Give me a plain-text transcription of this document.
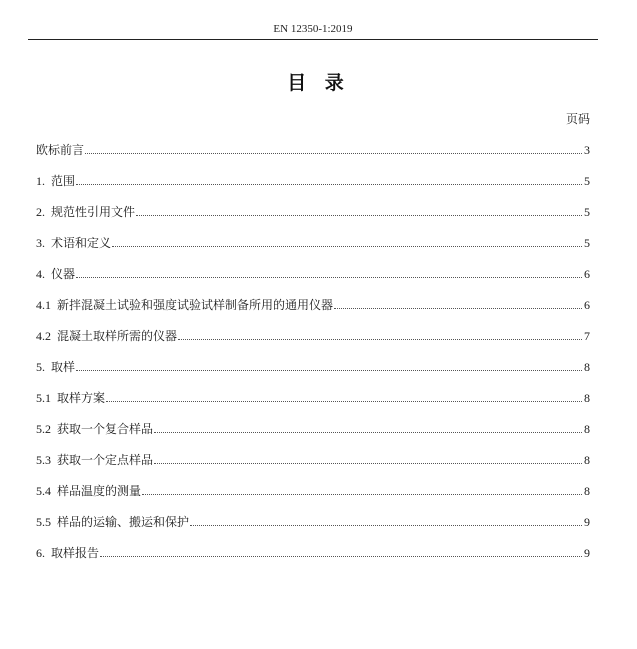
EN 12350-1:2019
目 录
页码
欧标前言	3
1. 范围	5
2. 规范性引用文件	5
3. 术语和定义	5
4. 仪器	6
4.1 新拌混凝土试验和强度试验试样制备所用的通用仪器	6
4.2 混凝土取样所需的仪器	7
5. 取样	8
5.1 取样方案	8
5.2 获取一个复合样品	8
5.3 获取一个定点样品	8
5.4 样品温度的测量	8
5.5 样品的运输、搬运和保护	9
6. 取样报告	9
